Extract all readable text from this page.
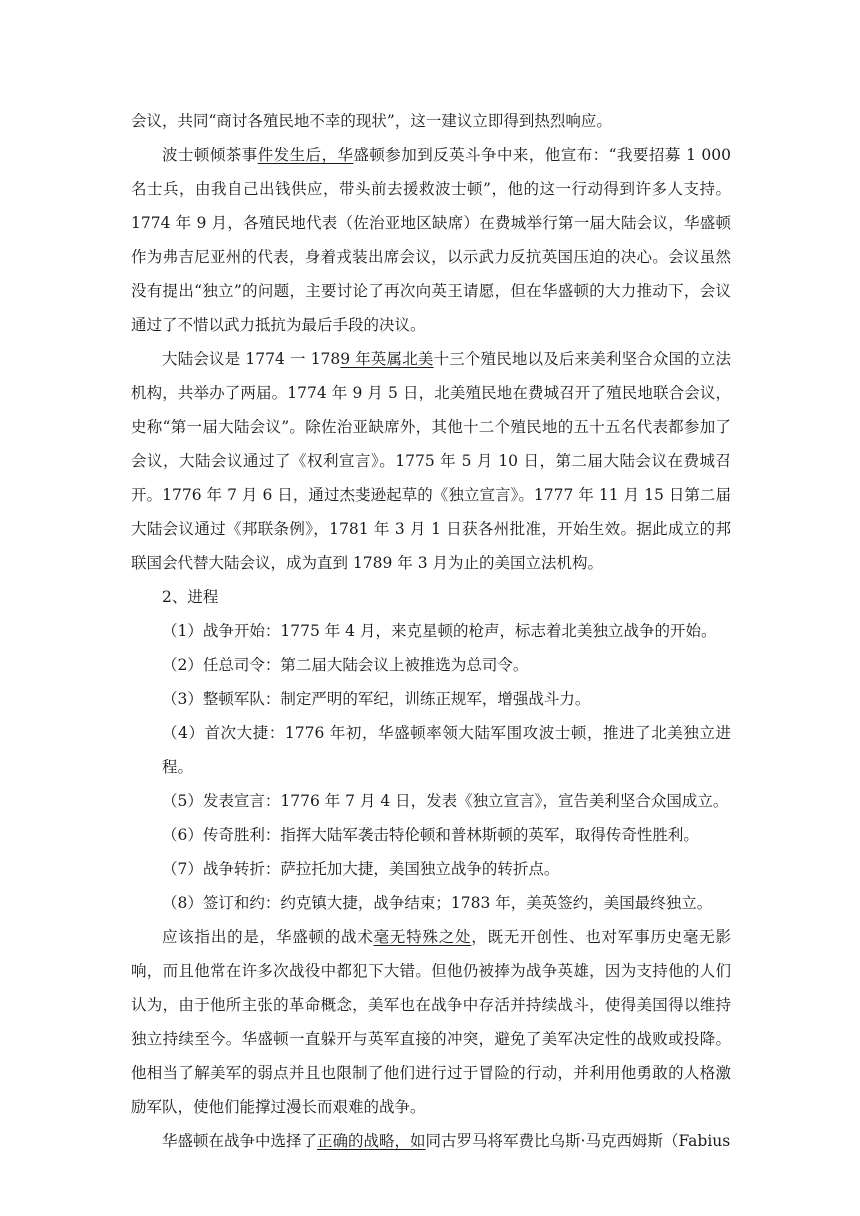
会议，共同“商讨各殖民地不幸的现状”，这一建议立即得到热烈响应。

波士顿倾茶事件发生后，华盛顿参加到反英斗争中来，他宣布：“我要招募 1 000 名士兵，由我自己出钱供应，带头前去援救波士顿”，他的这一行动得到许多人支持。1774 年 9 月，各殖民地代表（佐治亚地区缺席）在费城举行第一届大陆会议，华盛顿作为弗吉尼亚州的代表，身着戎装出席会议，以示武力反抗英国压迫的决心。会议虽然没有提出“独立”的问题，主要讨论了再次向英王请愿，但在华盛顿的大力推动下，会议通过了不惜以武力抵抗为最后手段的决议。

大陆会议是 1774 一 1789 年英属北美十三个殖民地以及后来美利坚合众国的立法机构，共举办了两届。1774 年 9 月 5 日，北美殖民地在费城召开了殖民地联合会议，史称“第一届大陆会议”。除佐治亚缺席外，其他十二个殖民地的五十五名代表都参加了会议，大陆会议通过了《权利宣言》。1775 年 5 月 10 日，第二届大陆会议在费城召开。1776 年 7 月 6 日，通过杰斐逊起草的《独立宣言》。1777 年 11 月 15 日第二届大陆会议通过《邦联条例》，1781 年 3 月 1 日获各州批准，开始生效。据此成立的邦联国会代替大陆会议，成为直到 1789 年 3 月为止的美国立法机构。

2、进程

（1）战争开始：1775 年 4 月，来克星顿的枪声，标志着北美独立战争的开始。

（2）任总司令：第二届大陆会议上被推选为总司令。

（3）整顿军队：制定严明的军纪，训练正规军，增强战斗力。

（4）首次大捷：1776 年初，华盛顿率领大陆军围攻波士顿，推进了北美独立进程。

（5）发表宣言：1776 年 7 月 4 日，发表《独立宣言》，宣告美利坚合众国成立。

（6）传奇胜利：指挥大陆军袭击特伦顿和普林斯顿的英军，取得传奇性胜利。

（7）战争转折：萨拉托加大捷，美国独立战争的转折点。

（8）签订和约：约克镇大捷，战争结束；1783 年，美英签约，美国最终独立。

应该指出的是，华盛顿的战术毫无特殊之处，既无开创性、也对军事历史毫无影响，而且他常在许多次战役中都犯下大错。但他仍被捧为战争英雄，因为支持他的人们认为，由于他所主张的革命概念，美军也在战争中存活并持续战斗，使得美国得以维持独立持续至今。华盛顿一直躲开与英军直接的冲突，避免了美军决定性的战败或投降。他相当了解美军的弱点并且也限制了他们进行过于冒险的行动，并利用他勇敢的人格激励军队，使他们能撑过漫长而艰难的战争。

华盛顿在战争中选择了正确的战略，如同古罗马将军费比乌斯·马克西姆斯（Fabius
